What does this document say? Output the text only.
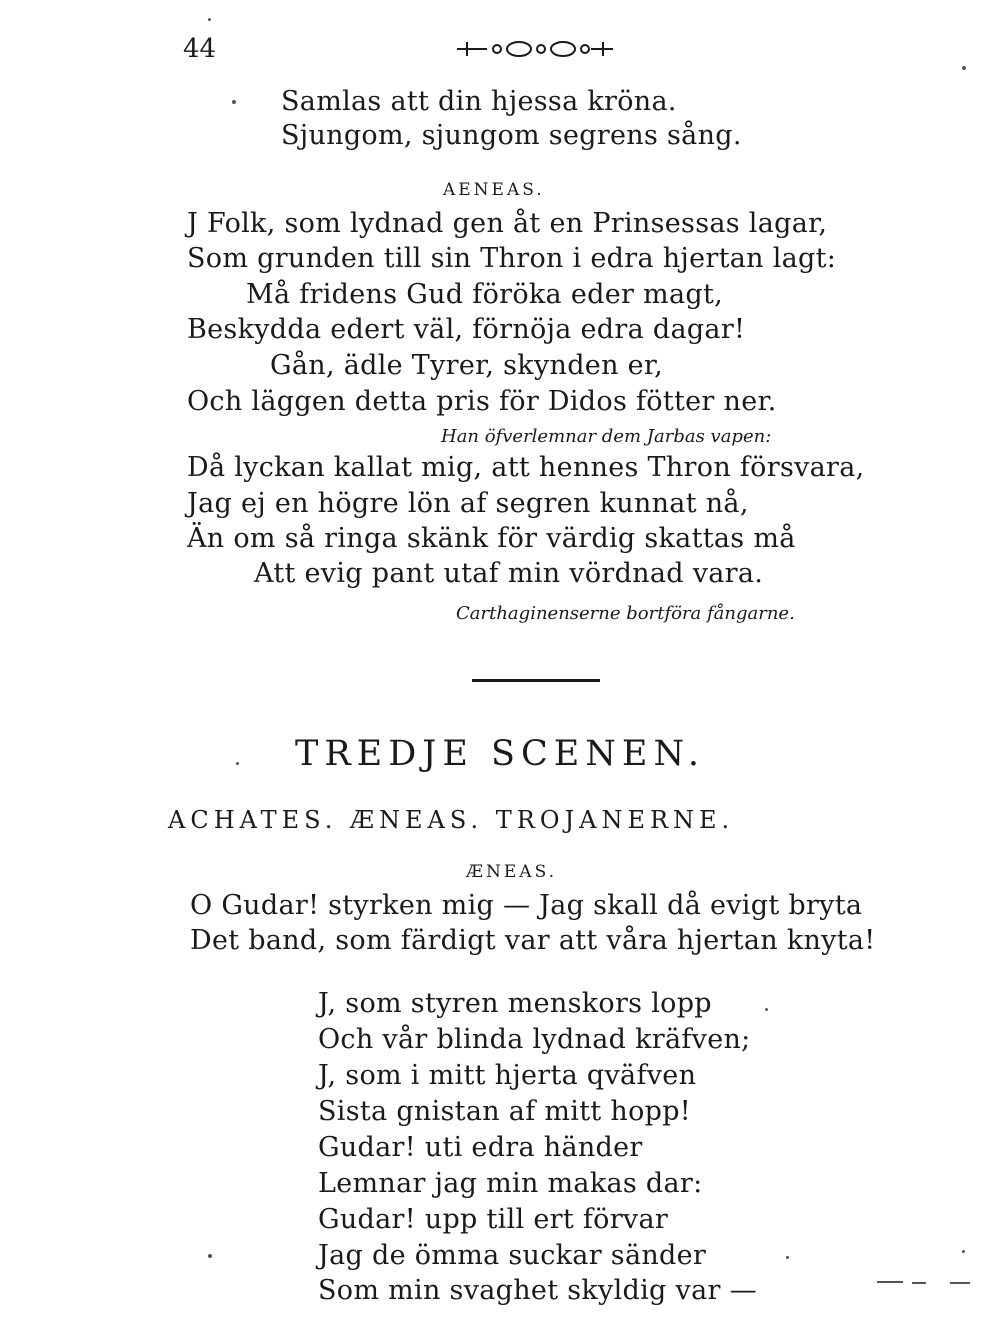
44
Samlas att din hjessa kröna.
Sjungom, sjungom segrens sång.
AENEAS.
J Folk, som lydnad gen åt en Prinsessas lagar,
Som grunden till sin Thron i edra hjertan lagt:
Må fridens Gud föröka eder magt,
Beskydda edert väl, förnöja edra dagar!
Gån, ädle Tyrer, skynden er,
Och läggen detta pris för Didos fötter ner.
Han öfverlemnar dem Jarbas vapen:
Då lyckan kallat mig, att hennes Thron försvara,
Jag ej en högre lön af segren kunnat nå,
Än om så ringa skänk för värdig skattas må
Att evig pant utaf min vördnad vara.
Carthaginenserne bortföra fångarne.
TREDJE SCENEN.
ACHATES. ÆNEAS. TROJANERNE.
ÆNEAS.
O Gudar! styrken mig — Jag skall då evigt bryta
Det band, som färdigt var att våra hjertan knyta!
J, som styren menskors lopp
Och vår blinda lydnad kräfven;
J, som i mitt hjerta qväfven
Sista gnistan af mitt hopp!
Gudar! uti edra händer
Lemnar jag min makas dar:
Gudar! upp till ert förvar
Jag de ömma suckar sänder
Som min svaghet skyldig var —
